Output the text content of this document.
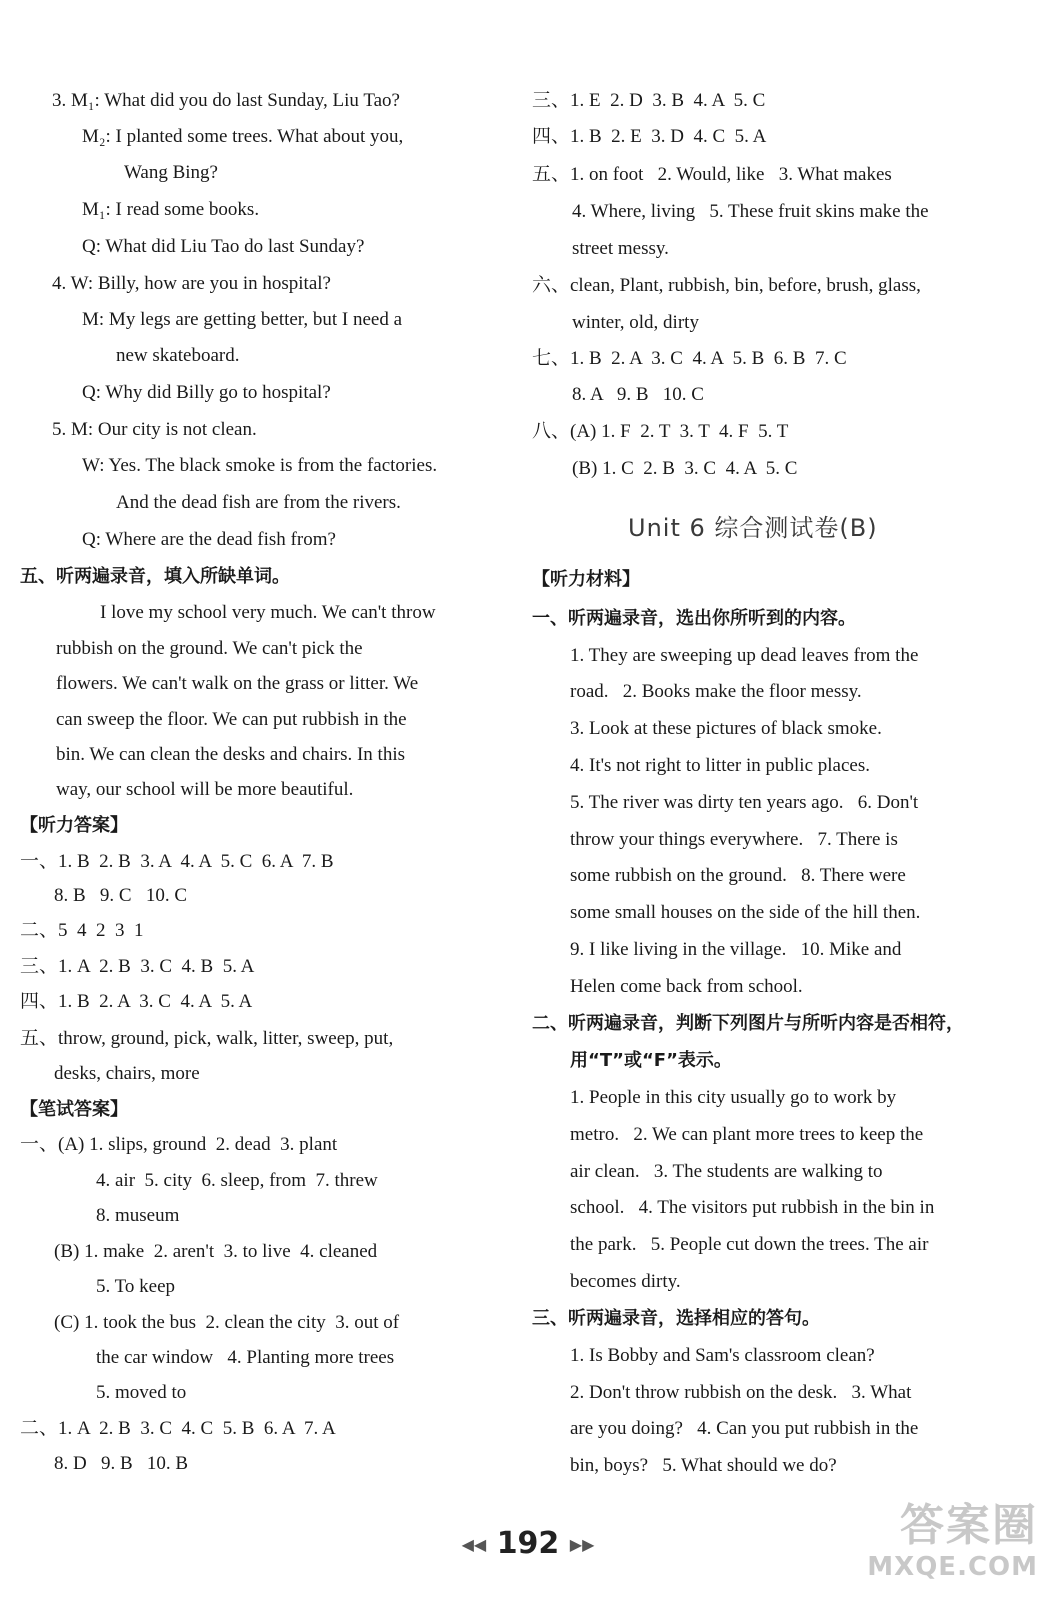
3. M₁: What did you do last Sunday, Liu Tao?
M₂: I planted some trees. What about you,
Wang Bing?
M₁: I read some books.
Q: What did Liu Tao do last Sunday?
4. W: Billy, how are you in hospital?
M: My legs are getting better, but I need a
new skateboard.
Q: Why did Billy go to hospital?
5. M: Our city is not clean.
W: Yes. The black smoke is from the factories.
And the dead fish are from the rivers.
Q: Where are the dead fish from?
五、听两遍录音，填入所缺单词。
I love my school very much. We can't throw
rubbish on the ground. We can't pick the
flowers. We can't walk on the grass or litter. We
can sweep the floor. We can put rubbish in the
bin. We can clean the desks and chairs. In this
way, our school will be more beautiful.
【听力答案】
一、1. B  2. B  3. A  4. A  5. C  6. A  7. B
8. B   9. C   10. C
二、5  4  2  3  1
三、1. A  2. B  3. C  4. B  5. A
四、1. B  2. A  3. C  4. A  5. A
五、throw, ground, pick, walk, litter, sweep, put,
desks, chairs, more
【笔试答案】
一、(A) 1. slips, ground  2. dead  3. plant
4. air  5. city  6. sleep, from  7. threw
8. museum
(B) 1. make  2. aren't  3. to live  4. cleaned
5. To keep
(C) 1. took the bus  2. clean the city  3. out of
the car window   4. Planting more trees
5. moved to
二、1. A  2. B  3. C  4. C  5. B  6. A  7. A
8. D   9. B   10. B
Unit 6 综合测试卷(B)
三、1. E  2. D  3. B  4. A  5. C
四、1. B  2. E  3. D  4. C  5. A
五、1. on foot   2. Would, like   3. What makes
4. Where, living   5. These fruit skins make the
street messy.
六、clean, Plant, rubbish, bin, before, brush, glass,
winter, old, dirty
七、1. B  2. A  3. C  4. A  5. B  6. B  7. C
8. A   9. B   10. C
八、(A) 1. F  2. T  3. T  4. F  5. T
(B) 1. C  2. B  3. C  4. A  5. C
【听力材料】
一、听两遍录音，选出你所听到的内容。
1. They are sweeping up dead leaves from the
road.   2. Books make the floor messy.
3. Look at these pictures of black smoke.
4. It's not right to litter in public places.
5. The river was dirty ten years ago.   6. Don't
throw your things everywhere.   7. There is
some rubbish on the ground.   8. There were
some small houses on the side of the hill then.
9. I like living in the village.   10. Mike and
Helen come back from school.
二、听两遍录音，判断下列图片与所听内容是否相符，
用“T”或“F”表示。
1. People in this city usually go to work by
metro.   2. We can plant more trees to keep the
air clean.   3. The students are walking to
school.   4. The visitors put rubbish in the bin in
the park.   5. People cut down the trees. The air
becomes dirty.
三、听两遍录音，选择相应的答句。
1. Is Bobby and Sam's classroom clean?
2. Don't throw rubbish on the desk.   3. What
are you doing?   4. Can you put rubbish in the
bin, boys?   5. What should we do?
◀◀ 192 ▶▶	答案圈
MXQE.COM
